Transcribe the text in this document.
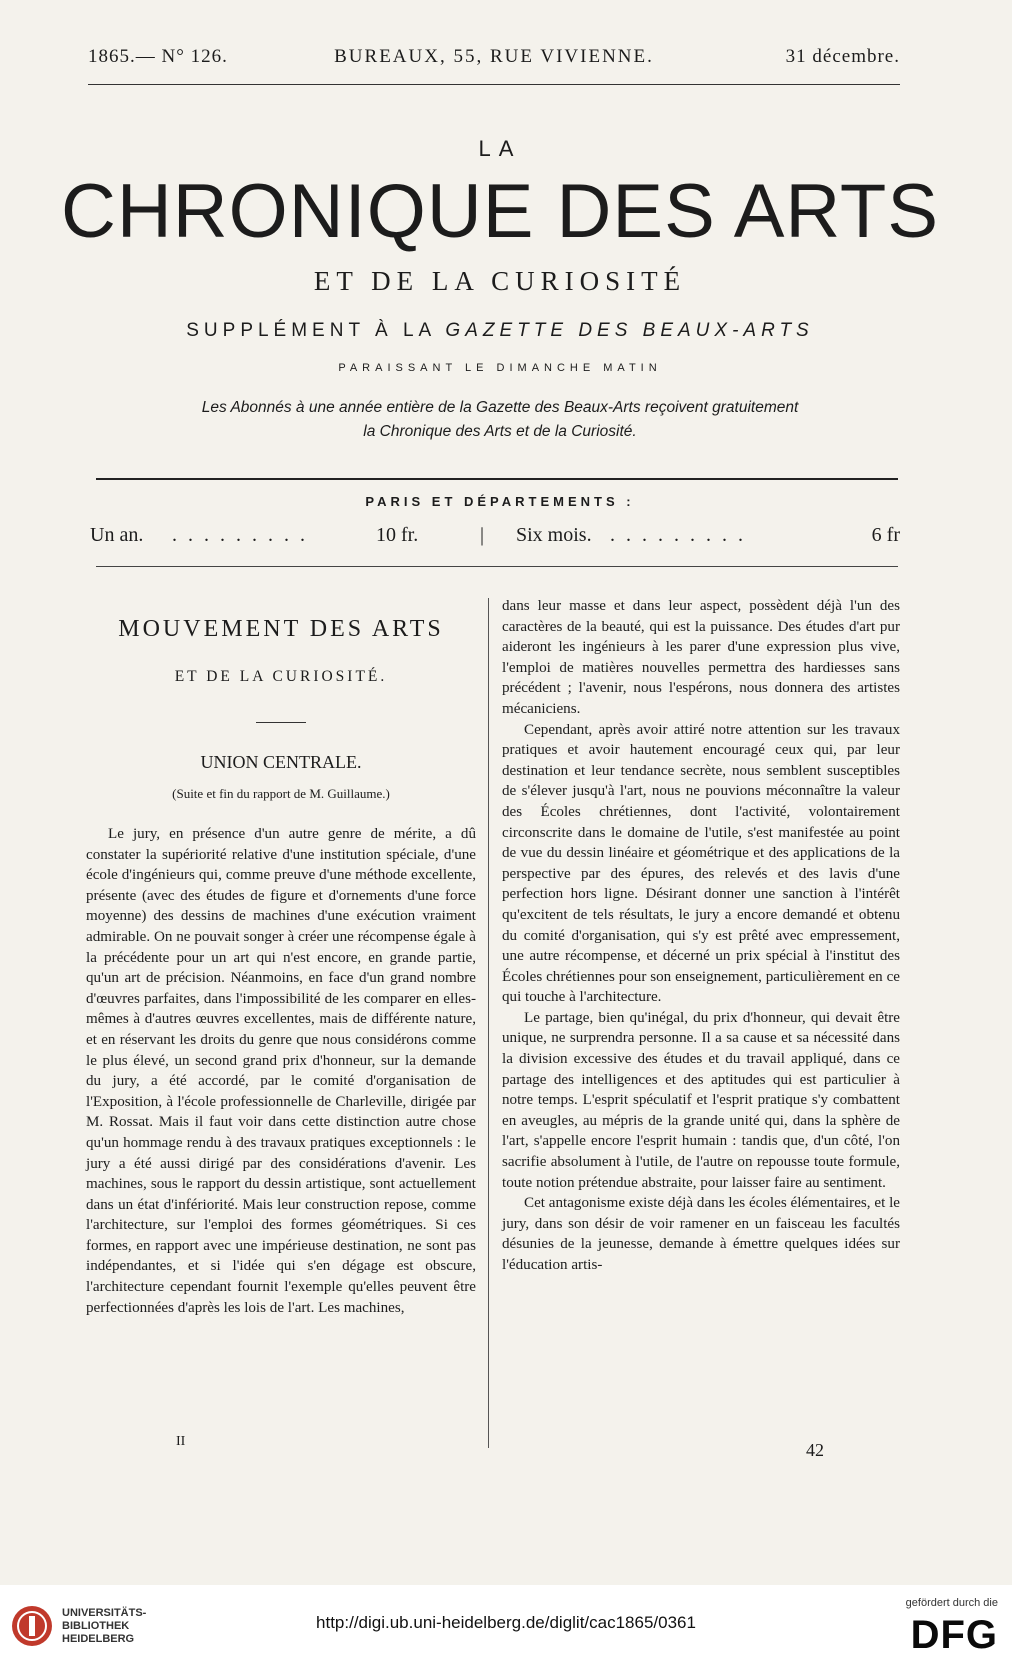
1865.— N° 126.	BUREAUX, 55, RUE VIVIENNE.	31 décembre.
LA
CHRONIQUE DES ARTS
ET DE LA CURIOSITÉ
SUPPLÉMENT À LA GAZETTE DES BEAUX-ARTS
PARAISSANT LE DIMANCHE MATIN
Les Abonnés à une année entière de la Gazette des Beaux-Arts reçoivent gratuitement
la Chronique des Arts et de la Curiosité.
PARIS ET DÉPARTEMENTS :
Un an. . . . . . . . . .	10 fr.	| Six mois. . . . . . . . . .	6 fr
MOUVEMENT DES ARTS
ET DE LA CURIOSITÉ.
UNION CENTRALE.
(Suite et fin du rapport de M. Guillaume.)

Le jury, en présence d'un autre genre de mérite, a dû constater la supériorité relative d'une institution spéciale, d'une école d'ingénieurs qui, comme preuve d'une méthode excellente, présente (avec des études de figure et d'ornements d'une force moyenne) des dessins de machines d'une exécution vraiment admirable. On ne pouvait songer à créer une récompense égale à la précédente pour un art qui n'est encore, en grande partie, qu'un art de précision. Néanmoins, en face d'un grand nombre d'œuvres parfaites, dans l'impossibilité de les comparer en elles-mêmes à d'autres œuvres excellentes, mais de différente nature, et en réservant les droits du genre que nous considérons comme le plus élevé, un second grand prix d'honneur, sur la demande du jury, a été accordé, par le comité d'organisation de l'Exposition, à l'école professionnelle de Charleville, dirigée par M. Rossat. Mais il faut voir dans cette distinction autre chose qu'un hommage rendu à des travaux pratiques exceptionnels : le jury a été aussi dirigé par des considérations d'avenir. Les machines, sous le rapport du dessin artistique, sont actuellement dans un état d'infériorité. Mais leur construction repose, comme l'architecture, sur l'emploi des formes géométriques. Si ces formes, en rapport avec une impérieuse destination, ne sont pas indépendantes, et si l'idée qui s'en dégage est obscure, l'architecture cependant fournit l'exemple qu'elles peuvent être perfectionnées d'après les lois de l'art. Les machines,

dans leur masse et dans leur aspect, possèdent déjà l'un des caractères de la beauté, qui est la puissance. Des études d'art pur aideront les ingénieurs à les parer d'une expression plus vive, l'emploi de matières nouvelles permettra des hardiesses sans précédent ; l'avenir, nous l'espérons, nous donnera des artistes mécaniciens.

Cependant, après avoir attiré notre attention sur les travaux pratiques et avoir hautement encouragé ceux qui, par leur destination et leur tendance secrète, nous semblent susceptibles de s'élever jusqu'à l'art, nous ne pouvions méconnaître la valeur des Écoles chrétiennes, dont l'activité, volontairement circonscrite dans le domaine de l'utile, s'est manifestée au point de vue du dessin linéaire et géométrique et des applications de la perspective par des épures, des relevés et des lavis d'une perfection hors ligne. Désirant donner une sanction à l'intérêt qu'excitent de tels résultats, le jury a encore demandé et obtenu du comité d'organisation, qui s'y est prêté avec empressement, une autre récompense, et décerné un prix spécial à l'institut des Écoles chrétiennes pour son enseignement, particulièrement en ce qui touche à l'architecture.

Le partage, bien qu'inégal, du prix d'honneur, qui devait être unique, ne surprendra personne. Il a sa cause et sa nécessité dans la division excessive des études et du travail appliqué, dans ce partage des intelligences et des aptitudes qui est particulier à notre temps. L'esprit spéculatif et l'esprit pratique s'y combattent en aveugles, au mépris de la grande unité qui, dans la sphère de l'art, s'appelle encore l'esprit humain : tandis que, d'un côté, l'on sacrifie absolument à l'utile, de l'autre on repousse toute formule, toute notion prétendue abstraite, pour laisser faire au sentiment.

Cet antagonisme existe déjà dans les écoles élémentaires, et le jury, dans son désir de voir ramener en un faisceau les facultés désunies de la jeunesse, demande à émettre quelques idées sur l'éducation artis-

II	42
UNIVERSITÄTS-
BIBLIOTHEK
HEIDELBERG
http://digi.ub.uni-heidelberg.de/diglit/cac1865/0361
gefördert durch die
DFG
